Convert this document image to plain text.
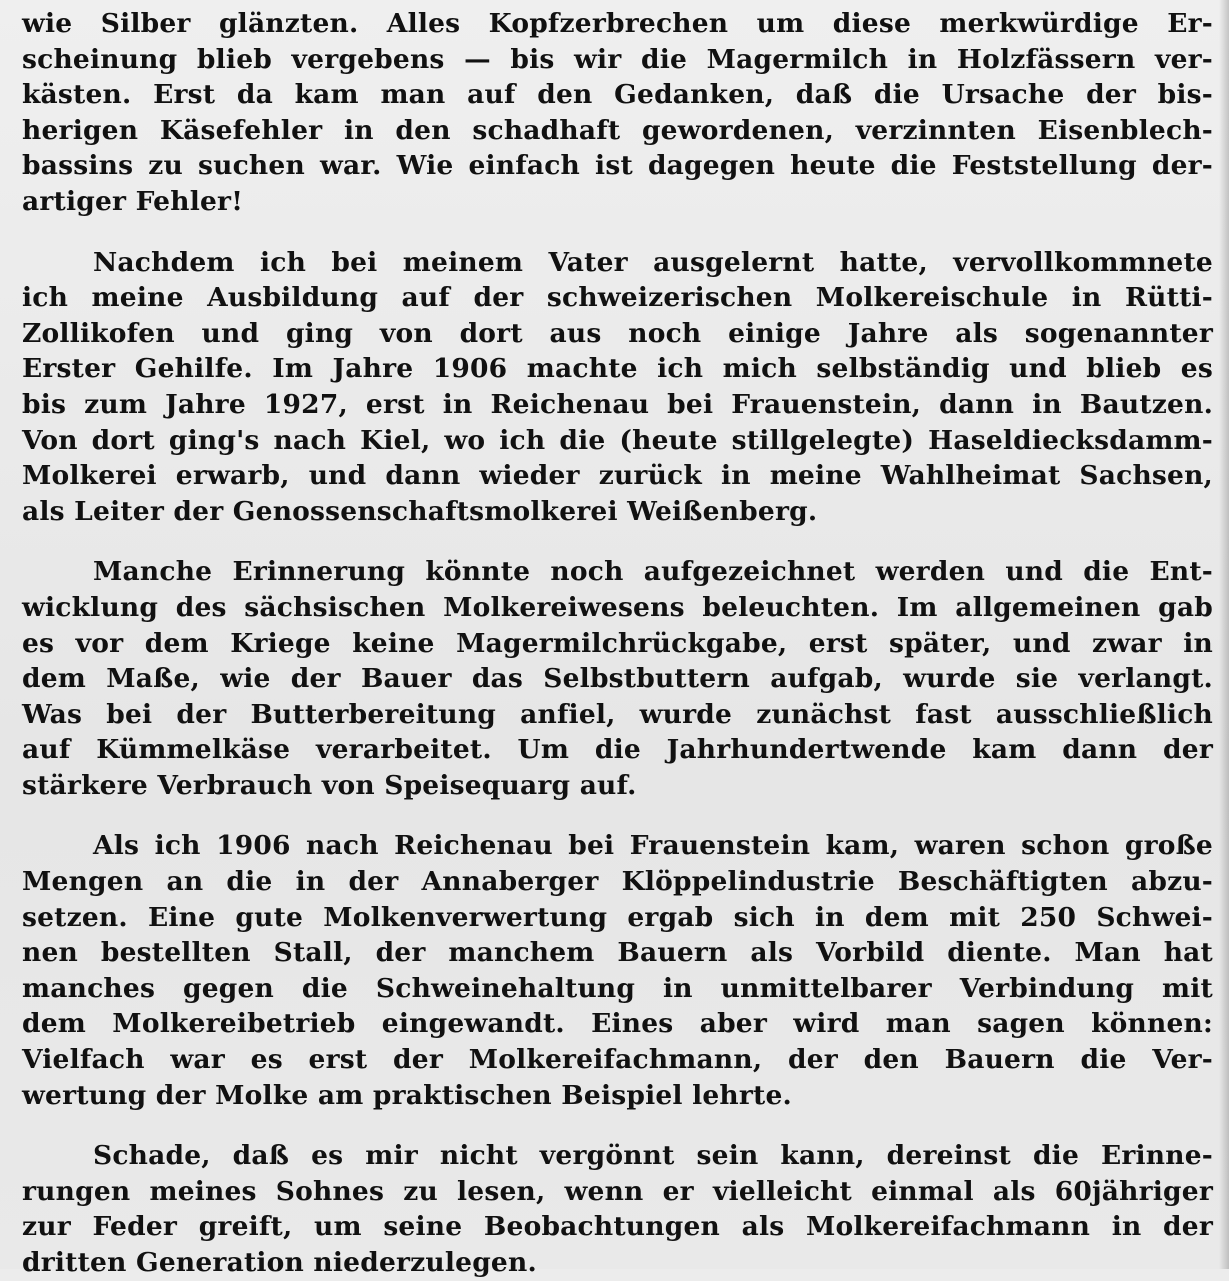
wie Silber glänzten. Alles Kopfzerbrechen um diese merkwürdige Er-
scheinung blieb vergebens — bis wir die Magermilch in Holzfässern ver-
kästen. Erst da kam man auf den Gedanken, daß die Ursache der bis-
herigen Käsefehler in den schadhaft gewordenen, verzinnten Eisenblech-
bassins zu suchen war. Wie einfach ist dagegen heute die Feststellung der-
artiger Fehler!

Nachdem ich bei meinem Vater ausgelernt hatte, vervollkommnete
ich meine Ausbildung auf der schweizerischen Molkereischule in Rütti-
Zollikofen und ging von dort aus noch einige Jahre als sogenannter
Erster Gehilfe. Im Jahre 1906 machte ich mich selbständig und blieb es
bis zum Jahre 1927, erst in Reichenau bei Frauenstein, dann in Bautzen.
Von dort ging's nach Kiel, wo ich die (heute stillgelegte) Haseldiecksdamm-
Molkerei erwarb, und dann wieder zurück in meine Wahlheimat Sachsen,
als Leiter der Genossenschaftsmolkerei Weißenberg.

Manche Erinnerung könnte noch aufgezeichnet werden und die Ent-
wicklung des sächsischen Molkereiwesens beleuchten. Im allgemeinen gab
es vor dem Kriege keine Magermilchrückgabe, erst später, und zwar in
dem Maße, wie der Bauer das Selbstbuttern aufgab, wurde sie verlangt.
Was bei der Butterbereitung anfiel, wurde zunächst fast ausschließlich
auf Kümmelkäse verarbeitet. Um die Jahrhundertwende kam dann der
stärkere Verbrauch von Speisequarg auf.

Als ich 1906 nach Reichenau bei Frauenstein kam, waren schon große
Mengen an die in der Annaberger Klöppelindustrie Beschäftigten abzu-
setzen. Eine gute Molkenverwertung ergab sich in dem mit 250 Schwei-
nen bestellten Stall, der manchem Bauern als Vorbild diente. Man hat
manches gegen die Schweinehaltung in unmittelbarer Verbindung mit
dem Molkereibetrieb eingewandt. Eines aber wird man sagen können:
Vielfach war es erst der Molkereifachmann, der den Bauern die Ver-
wertung der Molke am praktischen Beispiel lehrte.

Schade, daß es mir nicht vergönnt sein kann, dereinst die Erinne-
rungen meines Sohnes zu lesen, wenn er vielleicht einmal als 60jähriger
zur Feder greift, um seine Beobachtungen als Molkereifachmann in der
dritten Generation niederzulegen.
